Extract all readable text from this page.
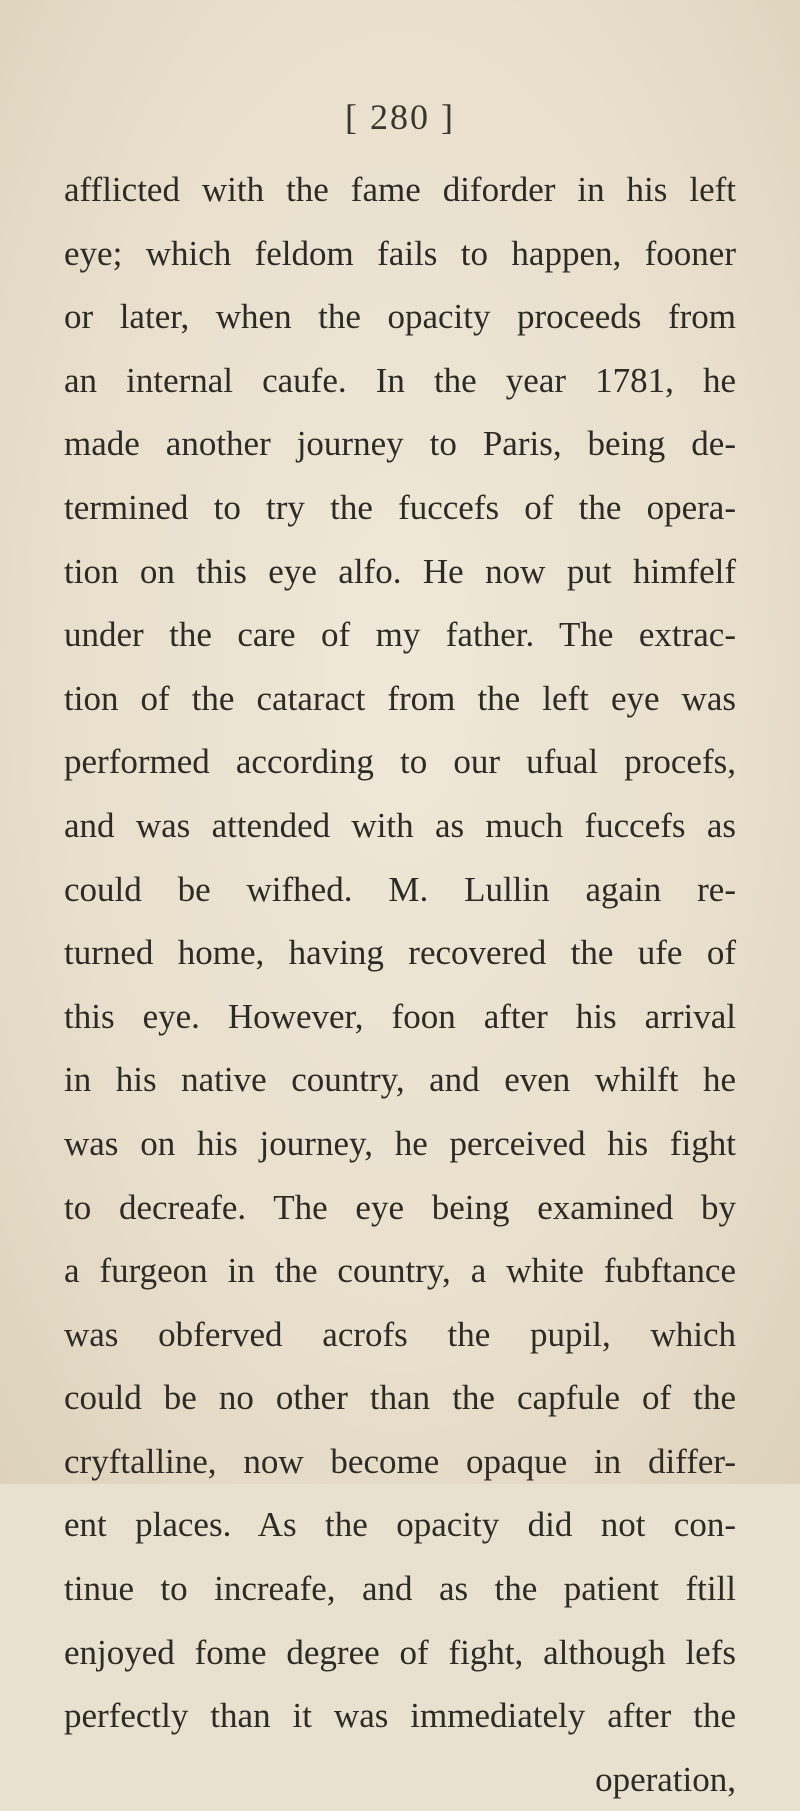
[ 280 ]
afflicted with the fame diforder in his left
eye; which feldom fails to happen, fooner
or later, when the opacity proceeds from
an internal caufe. In the year 1781, he
made another journey to Paris, being de-
termined to try the fuccefs of the opera-
tion on this eye alfo. He now put himfelf
under the care of my father. The extrac-
tion of the cataract from the left eye was
performed according to our ufual procefs,
and was attended with as much fuccefs as
could be wifhed. M. Lullin again re-
turned home, having recovered the ufe of
this eye. However, foon after his arrival
in his native country, and even whilft he
was on his journey, he perceived his fight
to decreafe. The eye being examined by
a furgeon in the country, a white fubftance
was obferved acrofs the pupil, which
could be no other than the capfule of the
cryftalline, now become opaque in differ-
ent places. As the opacity did not con-
tinue to increafe, and as the patient ftill
enjoyed fome degree of fight, although lefs
perfectly than it was immediately after the
operation,
